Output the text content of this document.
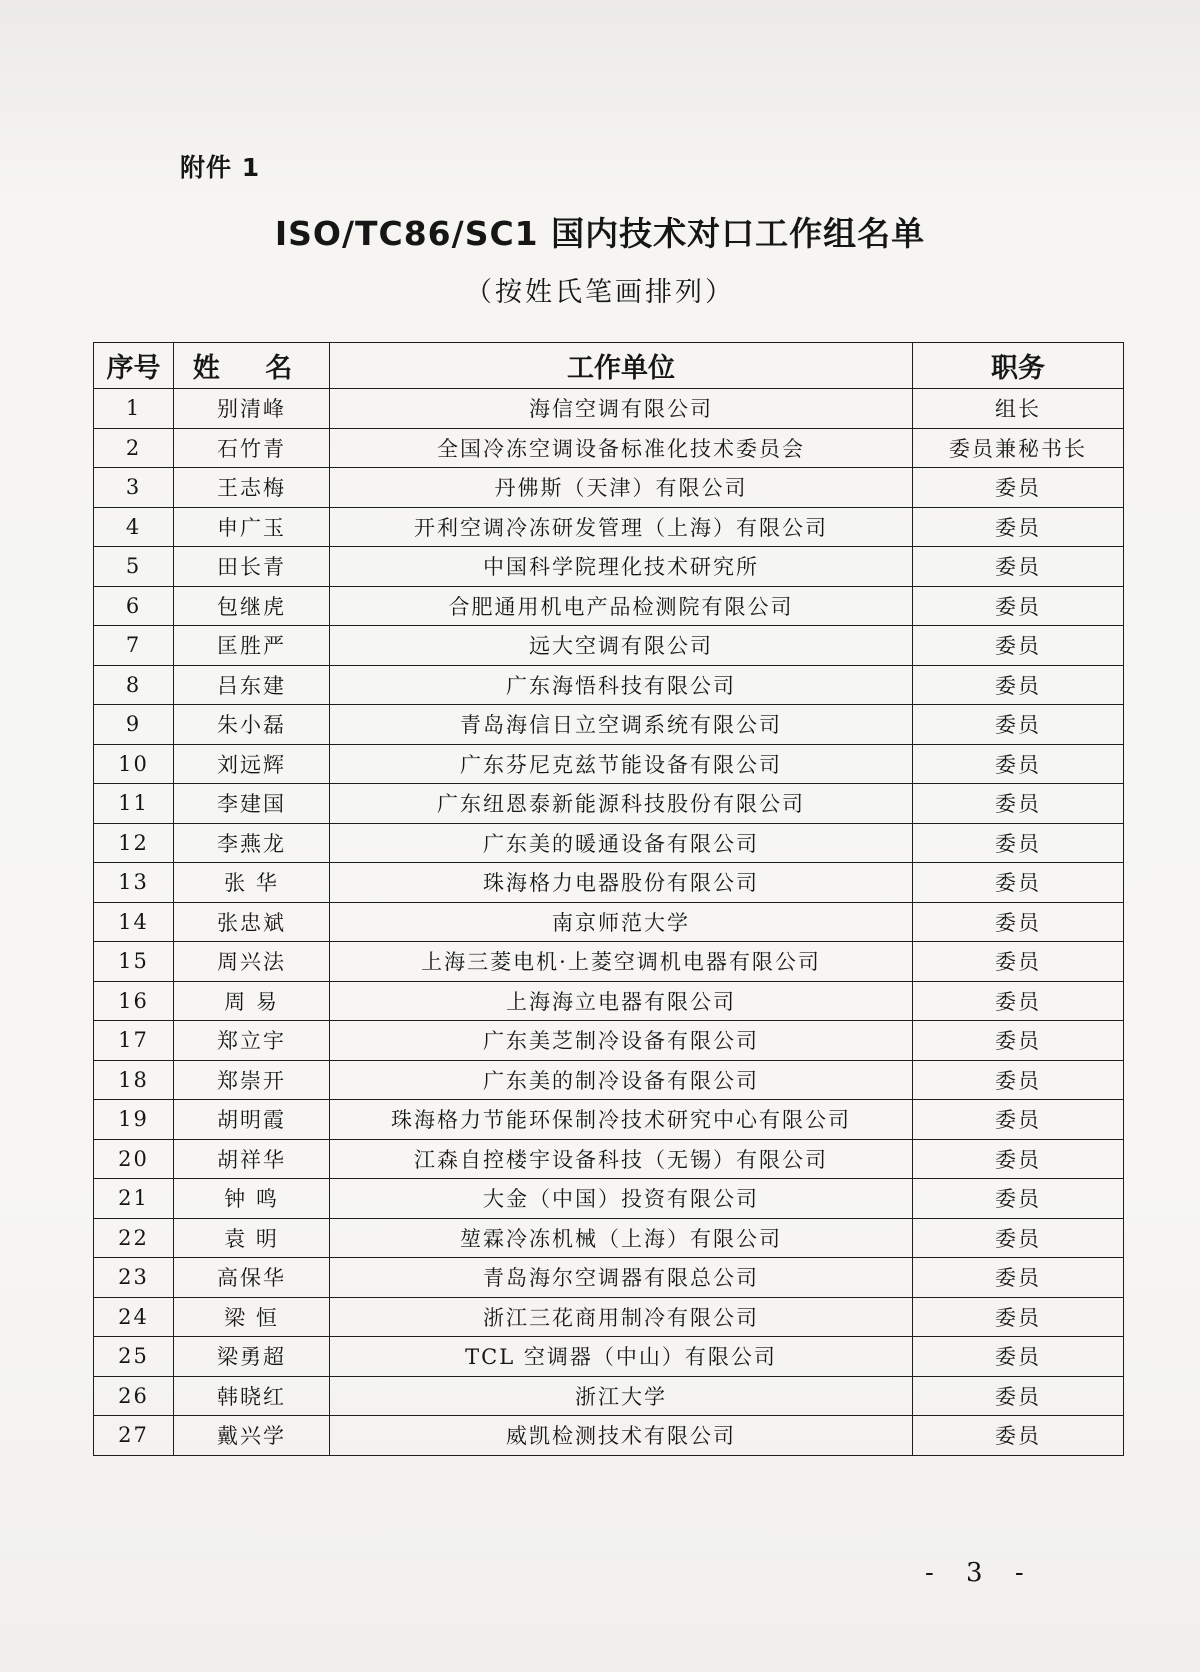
附件 1
ISO/TC86/SC1 国内技术对口工作组名单
（按姓氏笔画排列）
序号	姓 名	工作单位	职务
1	别清峰	海信空调有限公司	组长
2	石竹青	全国冷冻空调设备标准化技术委员会	委员兼秘书长
3	王志梅	丹佛斯（天津）有限公司	委员
4	申广玉	开利空调冷冻研发管理（上海）有限公司	委员
5	田长青	中国科学院理化技术研究所	委员
6	包继虎	合肥通用机电产品检测院有限公司	委员
7	匡胜严	远大空调有限公司	委员
8	吕东建	广东海悟科技有限公司	委员
9	朱小磊	青岛海信日立空调系统有限公司	委员
10	刘远辉	广东芬尼克兹节能设备有限公司	委员
11	李建国	广东纽恩泰新能源科技股份有限公司	委员
12	李燕龙	广东美的暖通设备有限公司	委员
13	张 华	珠海格力电器股份有限公司	委员
14	张忠斌	南京师范大学	委员
15	周兴法	上海三菱电机·上菱空调机电器有限公司	委员
16	周 易	上海海立电器有限公司	委员
17	郑立宇	广东美芝制冷设备有限公司	委员
18	郑崇开	广东美的制冷设备有限公司	委员
19	胡明霞	珠海格力节能环保制冷技术研究中心有限公司	委员
20	胡祥华	江森自控楼宇设备科技（无锡）有限公司	委员
21	钟 鸣	大金（中国）投资有限公司	委员
22	袁 明	堃霖冷冻机械（上海）有限公司	委员
23	高保华	青岛海尔空调器有限总公司	委员
24	梁 恒	浙江三花商用制冷有限公司	委员
25	梁勇超	TCL 空调器（中山）有限公司	委员
26	韩晓红	浙江大学	委员
27	戴兴学	威凯检测技术有限公司	委员
- 3 -
